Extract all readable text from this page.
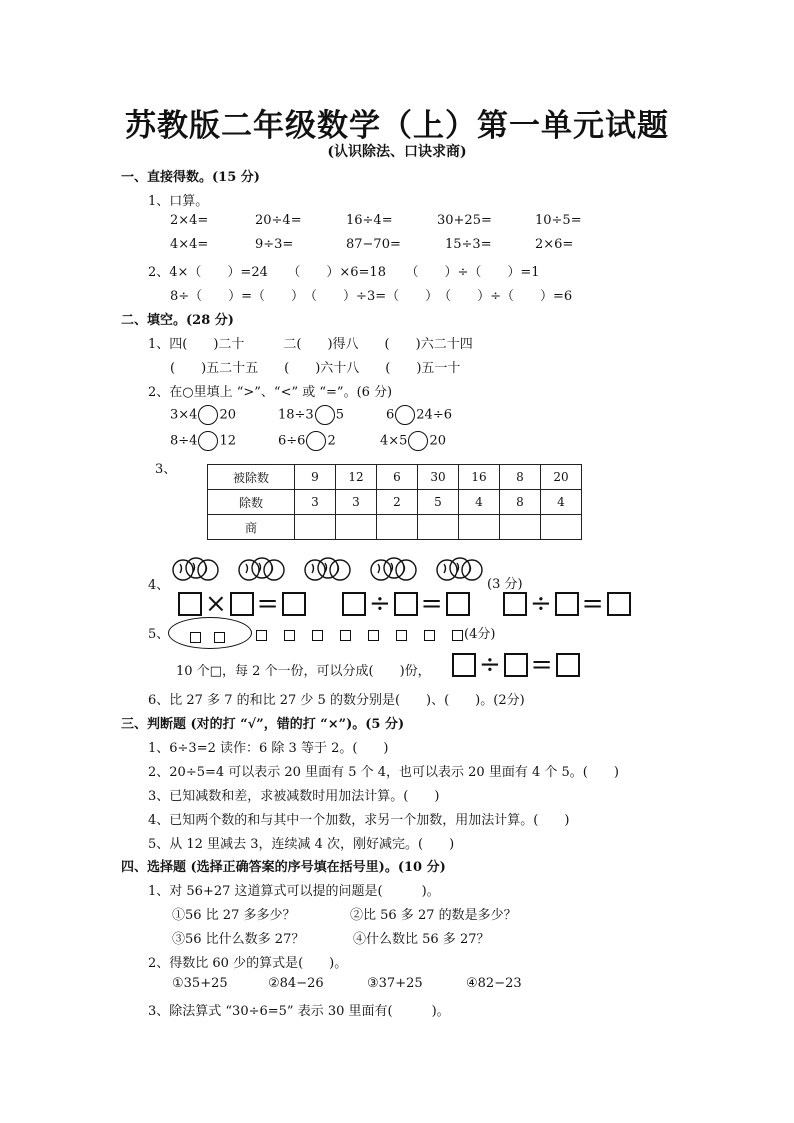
苏教版二年级数学（上）第一单元试题
(认识除法、口诀求商)
一、直接得数。(15 分)
1、口算。
2×4=	20÷4=	16÷4=	30+25=	10÷5=
4×4=	9÷3=	87−70=	15÷3=	2×6=
2、4×（　　）=24　　（　　）×6=18　　（　　）÷（　　）=1
8÷（　　）=（　　）　（　　）÷3=（　　）　（　　）÷（　　）=6
二、填空。(28 分)
1、四(　　)二十　　　二(　　)得八　　(　　)六二十四
(　　)五二十五　　(　　)六十八　　(　　)五一十
2、在○里填上 “>”、“<” 或 “=”。(6 分)
3×4 20	18÷3 5	6 24÷6
8÷4 12	6÷6 2	4×5 20
3、
被除数	9	12	6	30	16	8	20
除数	3	3	2	5	4	8	4
商							
4、	(3 分)
× =	÷ =	÷ =
5、	(4分)
10 个□，每 2 个一份，可以分成(　　)份，	÷ =
6、比 27 多 7 的和比 27 少 5 的数分别是(　　)、(　　)。(2分)
三、判断题 (对的打 “√”，错的打 “×”)。(5 分)
1、6÷3=2 读作：6 除 3 等于 2。(　　)
2、20÷5=4 可以表示 20 里面有 5 个 4，也可以表示 20 里面有 4 个 5。(　　)
3、已知减数和差，求被减数时用加法计算。(　　)
4、已知两个数的和与其中一个加数，求另一个加数，用加法计算。(　　)
5、从 12 里减去 3，连续减 4 次，刚好减完。(　　)
四、选择题 (选择正确答案的序号填在括号里)。(10 分)
1、对 56+27 这道算式可以提的问题是(　　　)。
①56 比 27 多多少？	②比 56 多 27 的数是多少？
③56 比什么数多 27？	④什么数比 56 多 27？
2、得数比 60 少的算式是(　　)。
①35+25	②84−26	③37+25	④82−23
3、除法算式 “30÷6=5” 表示 30 里面有(　　　)。
